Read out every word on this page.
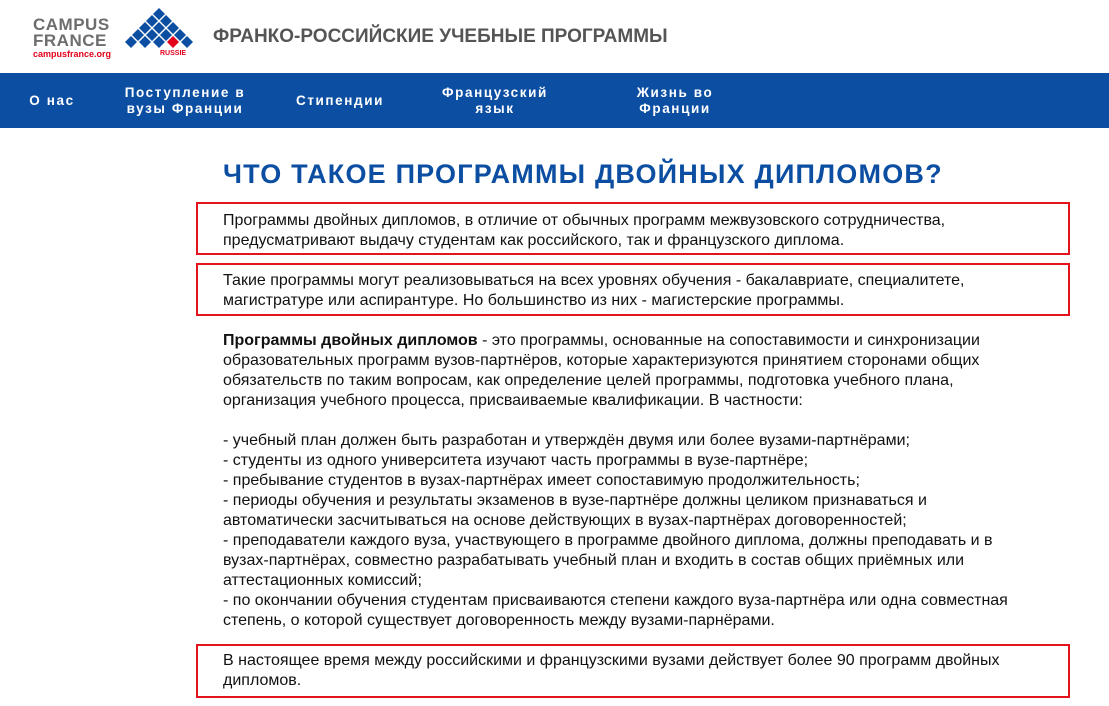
CAMPUS
FRANCE
campusfrance.org	RUSSIE
ФРАНКО-РОССИЙСКИЕ УЧЕБНЫЕ ПРОГРАММЫ
О нас
Поступление в вузы Франции
Стипендии
Французский язык
Жизнь во Франции
ЧТО ТАКОЕ ПРОГРАММЫ ДВОЙНЫХ ДИПЛОМОВ?
Программы двойных дипломов, в отличие от обычных программ межвузовского сотрудничества, предусматривают выдачу студентам как российского, так и французского диплома.
Такие программы могут реализовываться на всех уровнях обучения - бакалавриате, специалитете, магистратуре или аспирантуре. Но большинство из них - магистерские программы.
Программы двойных дипломов - это программы, основанные на сопоставимости и синхронизации образовательных программ вузов-партнёров, которые характеризуются принятием сторонами общих обязательств по таким вопросам, как определение целей программы, подготовка учебного плана, организация учебного процесса, присваиваемые квалификации. В частности:
- учебный план должен быть разработан и утверждён двумя или более вузами-партнёрами;
- студенты из одного университета изучают часть программы в вузе-партнёре;
- пребывание студентов в вузах-партнёрах имеет сопоставимую продолжительность;
- периоды обучения и результаты экзаменов в вузе-партнёре должны целиком признаваться и автоматически засчитываться на основе действующих в вузах-партнёрах договоренностей;
- преподаватели каждого вуза, участвующего в программе двойного диплома, должны преподавать и в вузах-партнёрах, совместно разрабатывать учебный план и входить в состав общих приёмных или аттестационных комиссий;
- по окончании обучения студентам присваиваются степени каждого вуза-партнёра или одна совместная степень, о которой существует договоренность между вузами-парнёрами.
В настоящее время между российскими и французскими вузами действует более 90 программ двойных дипломов.
